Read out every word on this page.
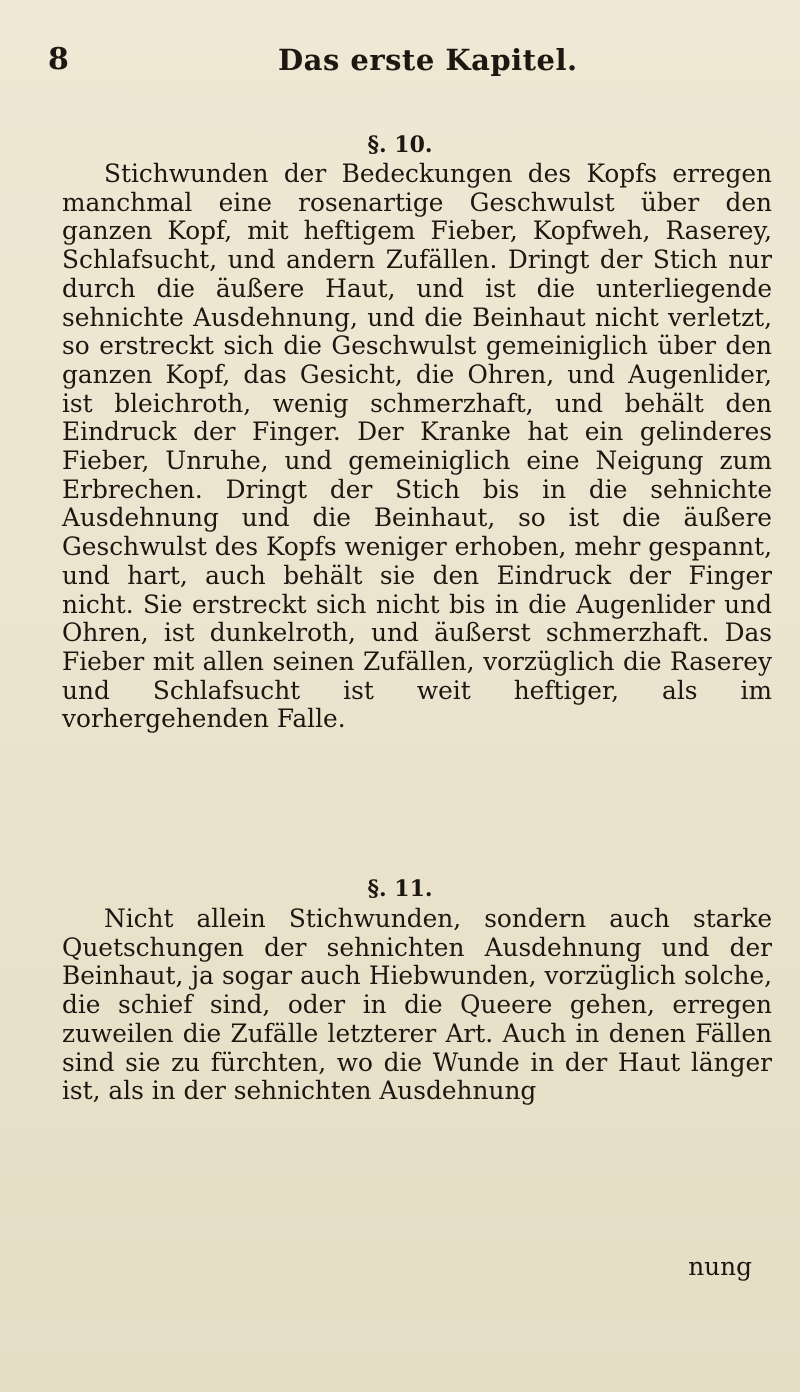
8	Das erste Kapitel.
§. 10.

Stichwunden der Bedeckungen des Kopfs erregen manchmal eine rosenartige Geschwulst über den ganzen Kopf, mit heftigem Fieber, Kopfweh, Raserey, Schlafsucht, und andern Zufällen. Dringt der Stich nur durch die äußere Haut, und ist die unterliegende sehnichte Ausdehnung, und die Beinhaut nicht verletzt, so erstreckt sich die Geschwulst gemeiniglich über den ganzen Kopf, das Gesicht, die Ohren, und Augenlider, ist bleichroth, wenig schmerzhaft, und behält den Eindruck der Finger. Der Kranke hat ein gelinderes Fieber, Unruhe, und gemeiniglich eine Neigung zum Erbrechen. Dringt der Stich bis in die sehnichte Ausdehnung und die Beinhaut, so ist die äußere Geschwulst des Kopfs weniger erhoben, mehr gespannt, und hart, auch behält sie den Eindruck der Finger nicht. Sie erstreckt sich nicht bis in die Augenlider und Ohren, ist dunkelroth, und äußerst schmerzhaft. Das Fieber mit allen seinen Zufällen, vorzüglich die Raserey und Schlafsucht ist weit heftiger, als im vorhergehenden Falle.

§. 11.

Nicht allein Stichwunden, sondern auch starke Quetschungen der sehnichten Ausdehnung und der Beinhaut, ja sogar auch Hiebwunden, vorzüglich solche, die schief sind, oder in die Queere gehen, erregen zuweilen die Zufälle letzterer Art. Auch in denen Fällen sind sie zu fürchten, wo die Wunde in der Haut länger ist, als in der sehnichten Ausdehnung

nung
